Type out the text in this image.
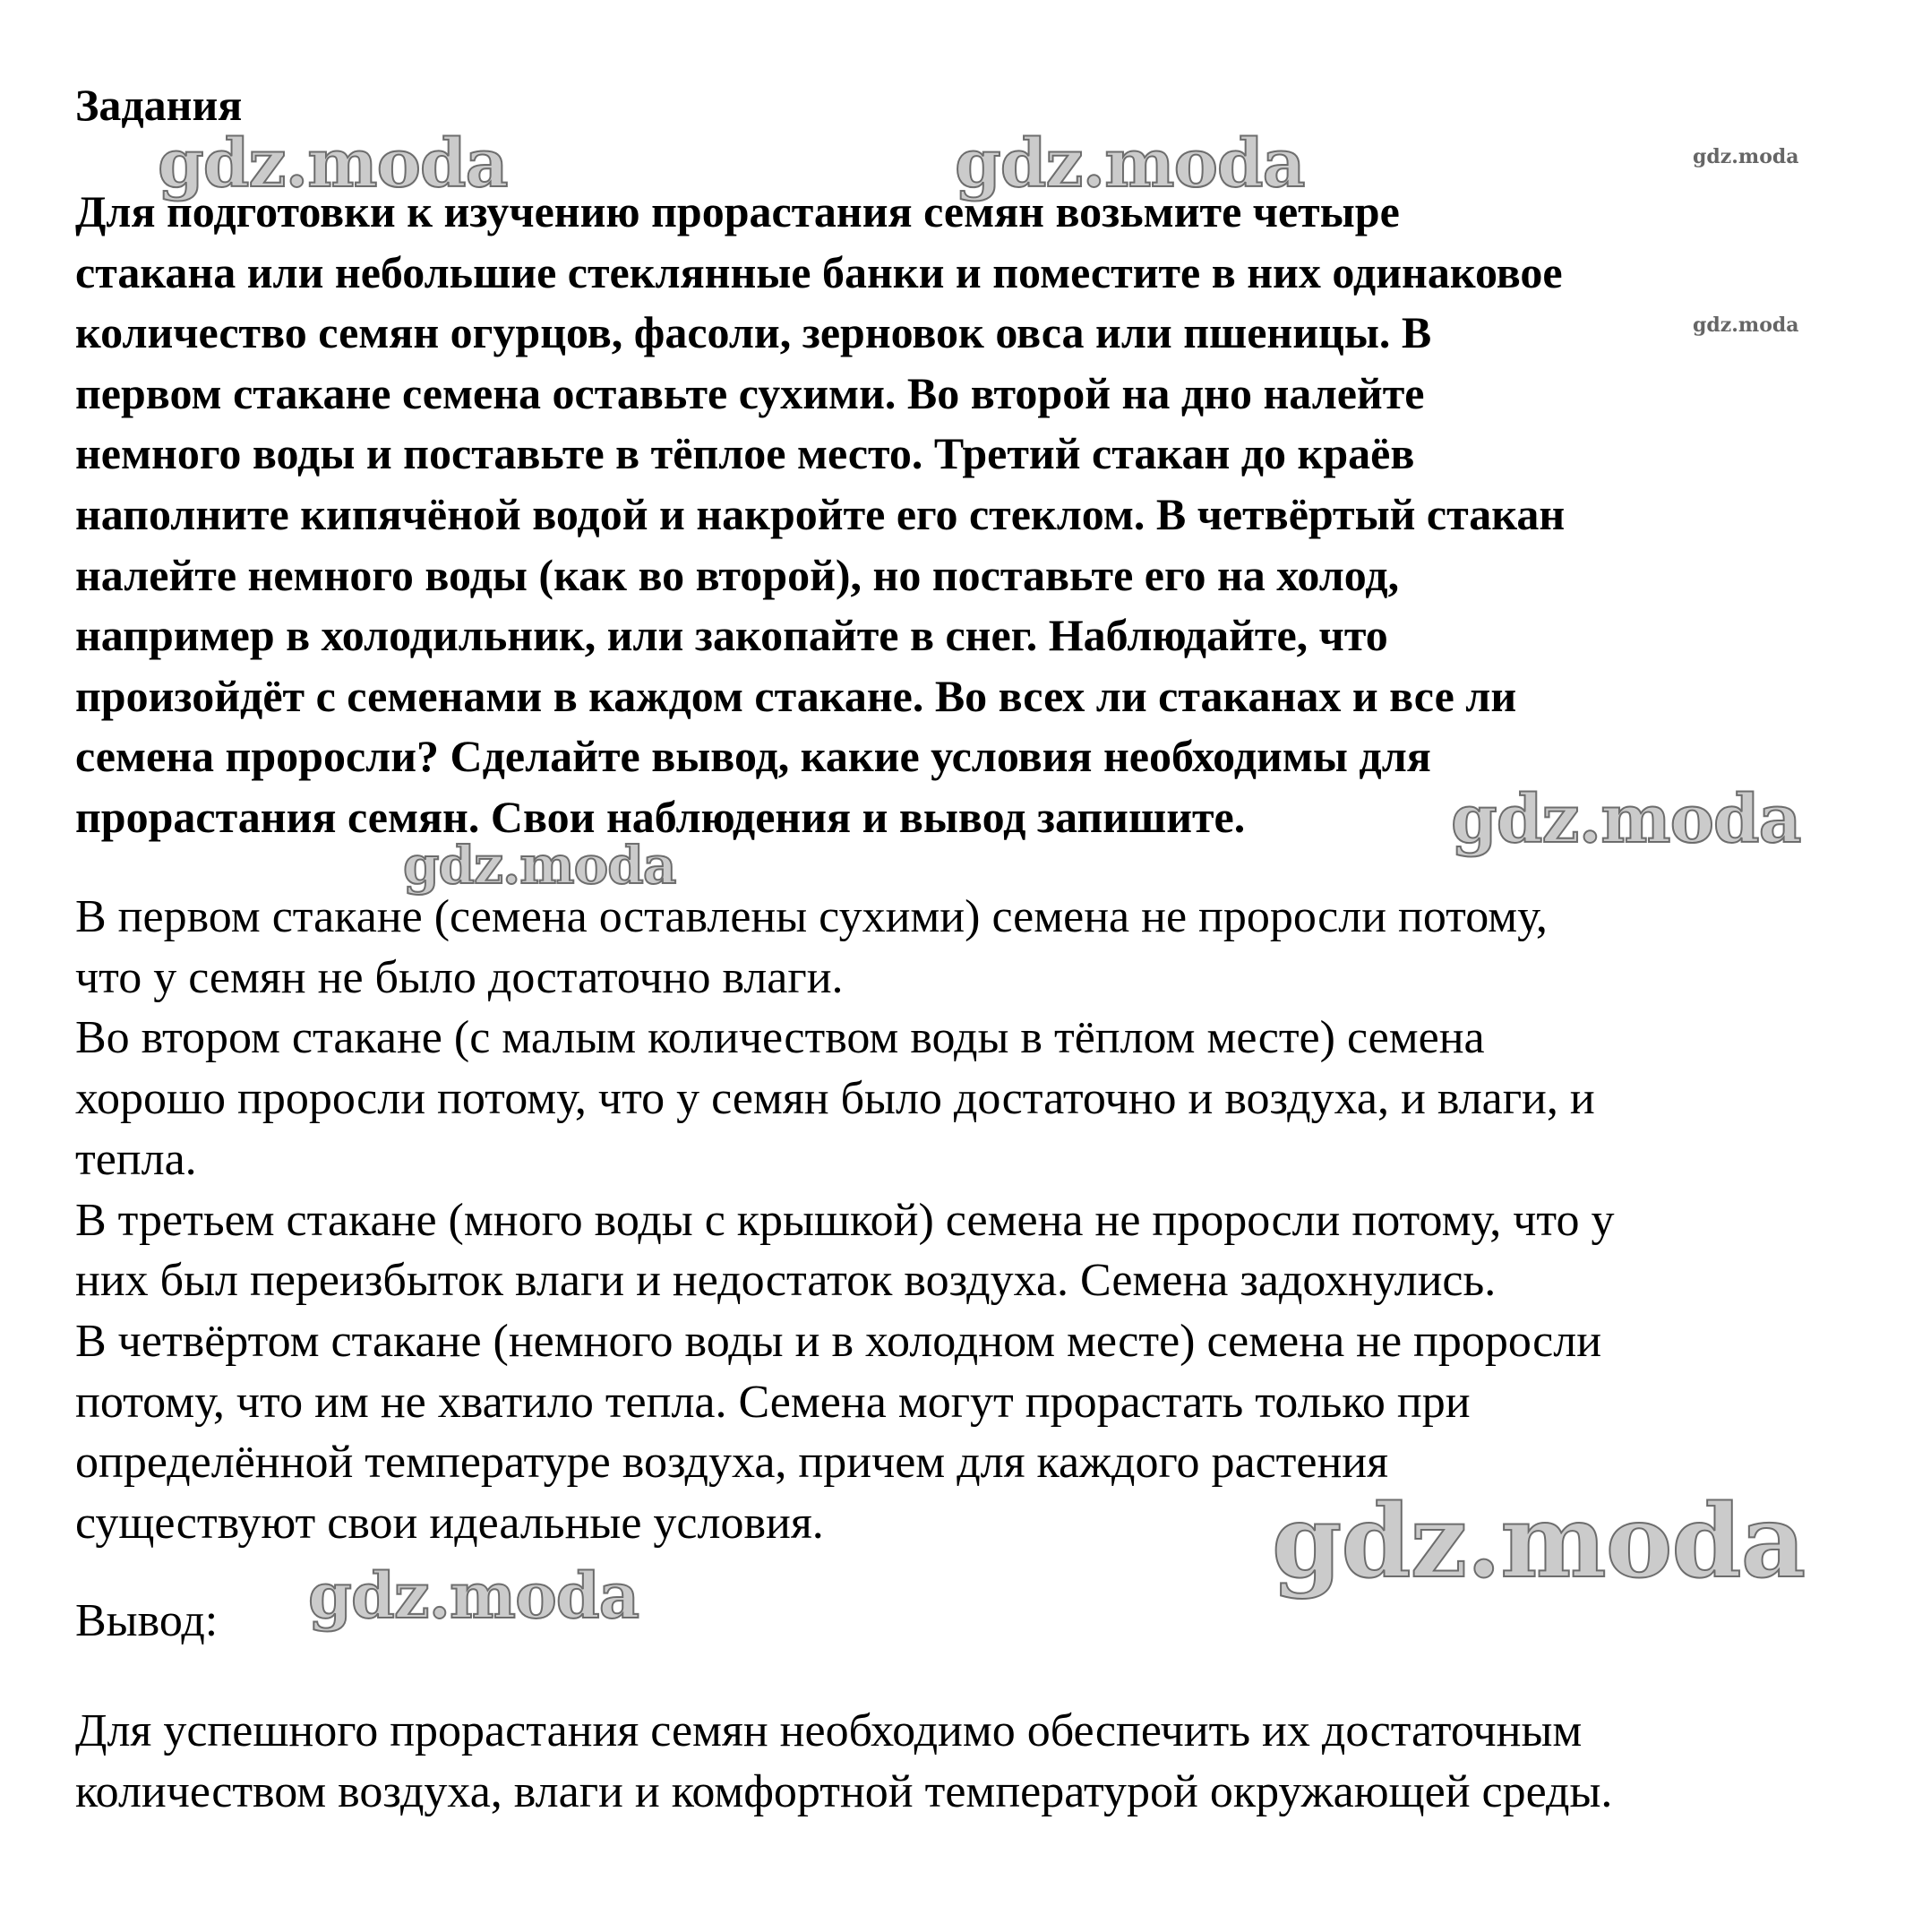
Задания
Для подготовки к изучению прорастания семян возьмите четыре
стакана или небольшие стеклянные банки и поместите в них одинаковое
количество семян огурцов, фасоли, зерновок овса или пшеницы. В
первом стакане семена оставьте сухими. Во второй на дно налейте
немного воды и поставьте в тёплое место. Третий стакан до краёв
наполните кипячёной водой и накройте его стеклом. В четвёртый стакан
налейте немного воды (как во второй), но поставьте его на холод,
например в холодильник, или закопайте в снег. Наблюдайте, что
произойдёт с семенами в каждом стакане. Во всех ли стаканах и все ли
семена проросли? Сделайте вывод, какие условия необходимы для
прорастания семян. Свои наблюдения и вывод запишите.
В первом стакане (семена оставлены сухими) семена не проросли потому,
что у семян не было достаточно влаги.
Во втором стакане (с малым количеством воды в тёплом месте) семена
хорошо проросли потому, что у семян было достаточно и воздуха, и влаги, и
тепла.
В третьем стакане (много воды с крышкой) семена не проросли потому, что у
них был переизбыток влаги и недостаток воздуха. Семена задохнулись.
В четвёртом стакане (немного воды и в холодном месте) семена не проросли
потому, что им не хватило тепла. Семена могут прорастать только при
определённой температуре воздуха, причем для каждого растения
существуют свои идеальные условия.
Вывод:
Для успешного прорастания семян необходимо обеспечить их достаточным
количеством воздуха, влаги и комфортной температурой окружающей среды.
gdz.moda	gdz.moda
gdz.moda
gdz.moda
gdz.moda
gdz.moda
gdz.moda
gdz.moda
